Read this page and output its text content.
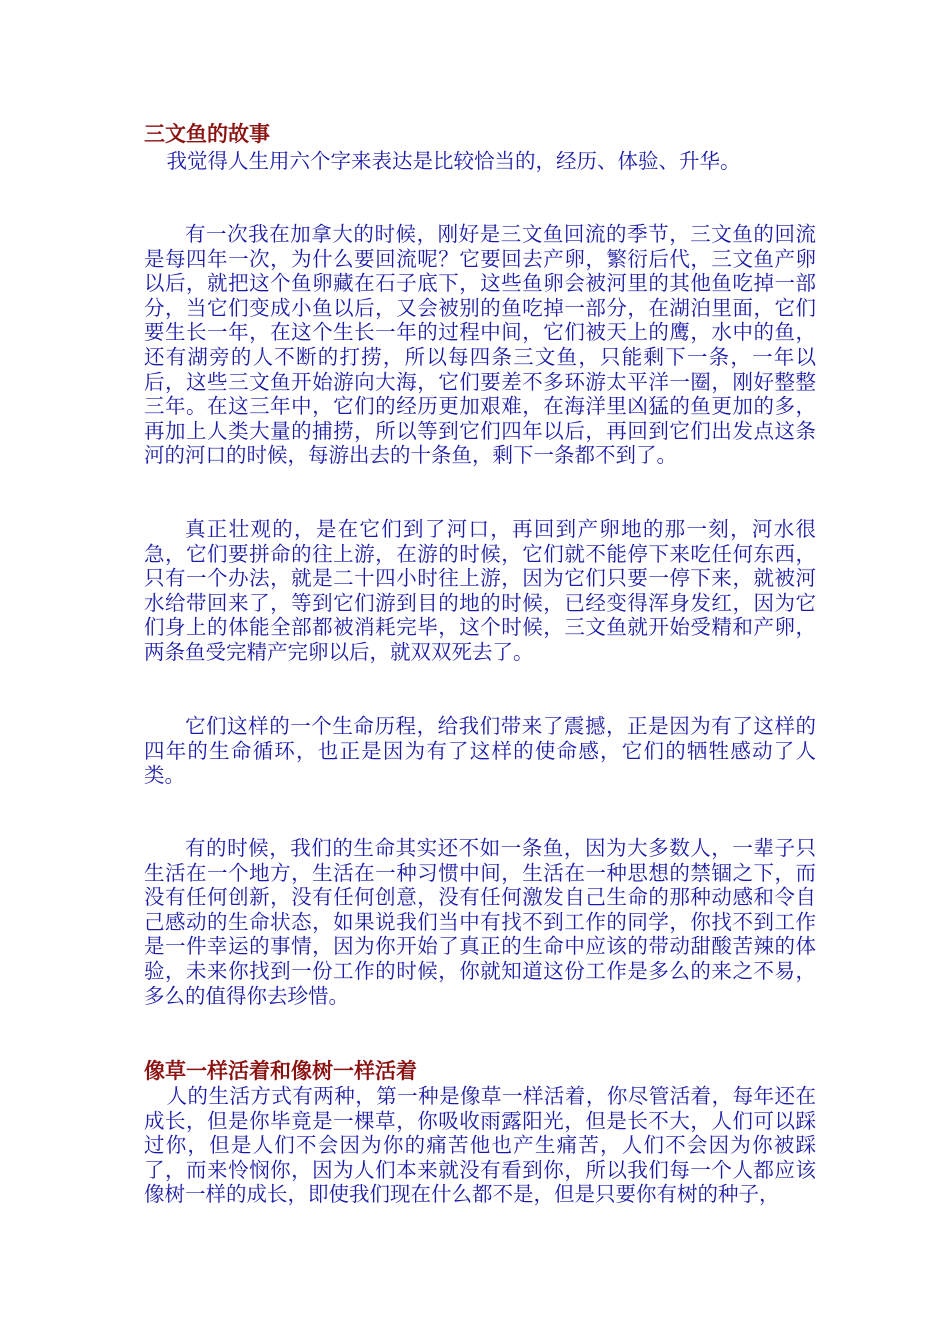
三文鱼的故事

我觉得人生用六个字来表达是比较恰当的，经历、体验、升华。

有一次我在加拿大的时候，刚好是三文鱼回流的季节，三文鱼的回流是每四年一次，为什么要回流呢？它要回去产卵，繁衍后代，三文鱼产卵以后，就把这个鱼卵藏在石子底下，这些鱼卵会被河里的其他鱼吃掉一部分，当它们变成小鱼以后，又会被别的鱼吃掉一部分，在湖泊里面，它们要生长一年，在这个生长一年的过程中间，它们被天上的鹰，水中的鱼，还有湖旁的人不断的打捞，所以每四条三文鱼，只能剩下一条，一年以后，这些三文鱼开始游向大海，它们要差不多环游太平洋一圈，刚好整整三年。在这三年中，它们的经历更加艰难，在海洋里凶猛的鱼更加的多，再加上人类大量的捕捞，所以等到它们四年以后，再回到它们出发点这条河的河口的时候，每游出去的十条鱼，剩下一条都不到了。

真正壮观的，是在它们到了河口，再回到产卵地的那一刻，河水很急，它们要拼命的往上游，在游的时候，它们就不能停下来吃任何东西，只有一个办法，就是二十四小时往上游，因为它们只要一停下来，就被河水给带回来了，等到它们游到目的地的时候，已经变得浑身发红，因为它们身上的体能全部都被消耗完毕，这个时候，三文鱼就开始受精和产卵，两条鱼受完精产完卵以后，就双双死去了。

它们这样的一个生命历程，给我们带来了震撼，正是因为有了这样的四年的生命循环，也正是因为有了这样的使命感，它们的牺牲感动了人类。

有的时候，我们的生命其实还不如一条鱼，因为大多数人，一辈子只生活在一个地方，生活在一种习惯中间，生活在一种思想的禁锢之下，而没有任何创新，没有任何创意，没有任何激发自己生命的那种动感和令自己感动的生命状态，如果说我们当中有找不到工作的同学，你找不到工作是一件幸运的事情，因为你开始了真正的生命中应该的带动甜酸苦辣的体验，未来你找到一份工作的时候，你就知道这份工作是多么的来之不易，多么的值得你去珍惜。

像草一样活着和像树一样活着

人的生活方式有两种，第一种是像草一样活着，你尽管活着，每年还在成长，但是你毕竟是一棵草，你吸收雨露阳光，但是长不大，人们可以踩过你，但是人们不会因为你的痛苦他也产生痛苦，人们不会因为你被踩了，而来怜悯你，因为人们本来就没有看到你，所以我们每一个人都应该像树一样的成长，即使我们现在什么都不是，但是只要你有树的种子，
